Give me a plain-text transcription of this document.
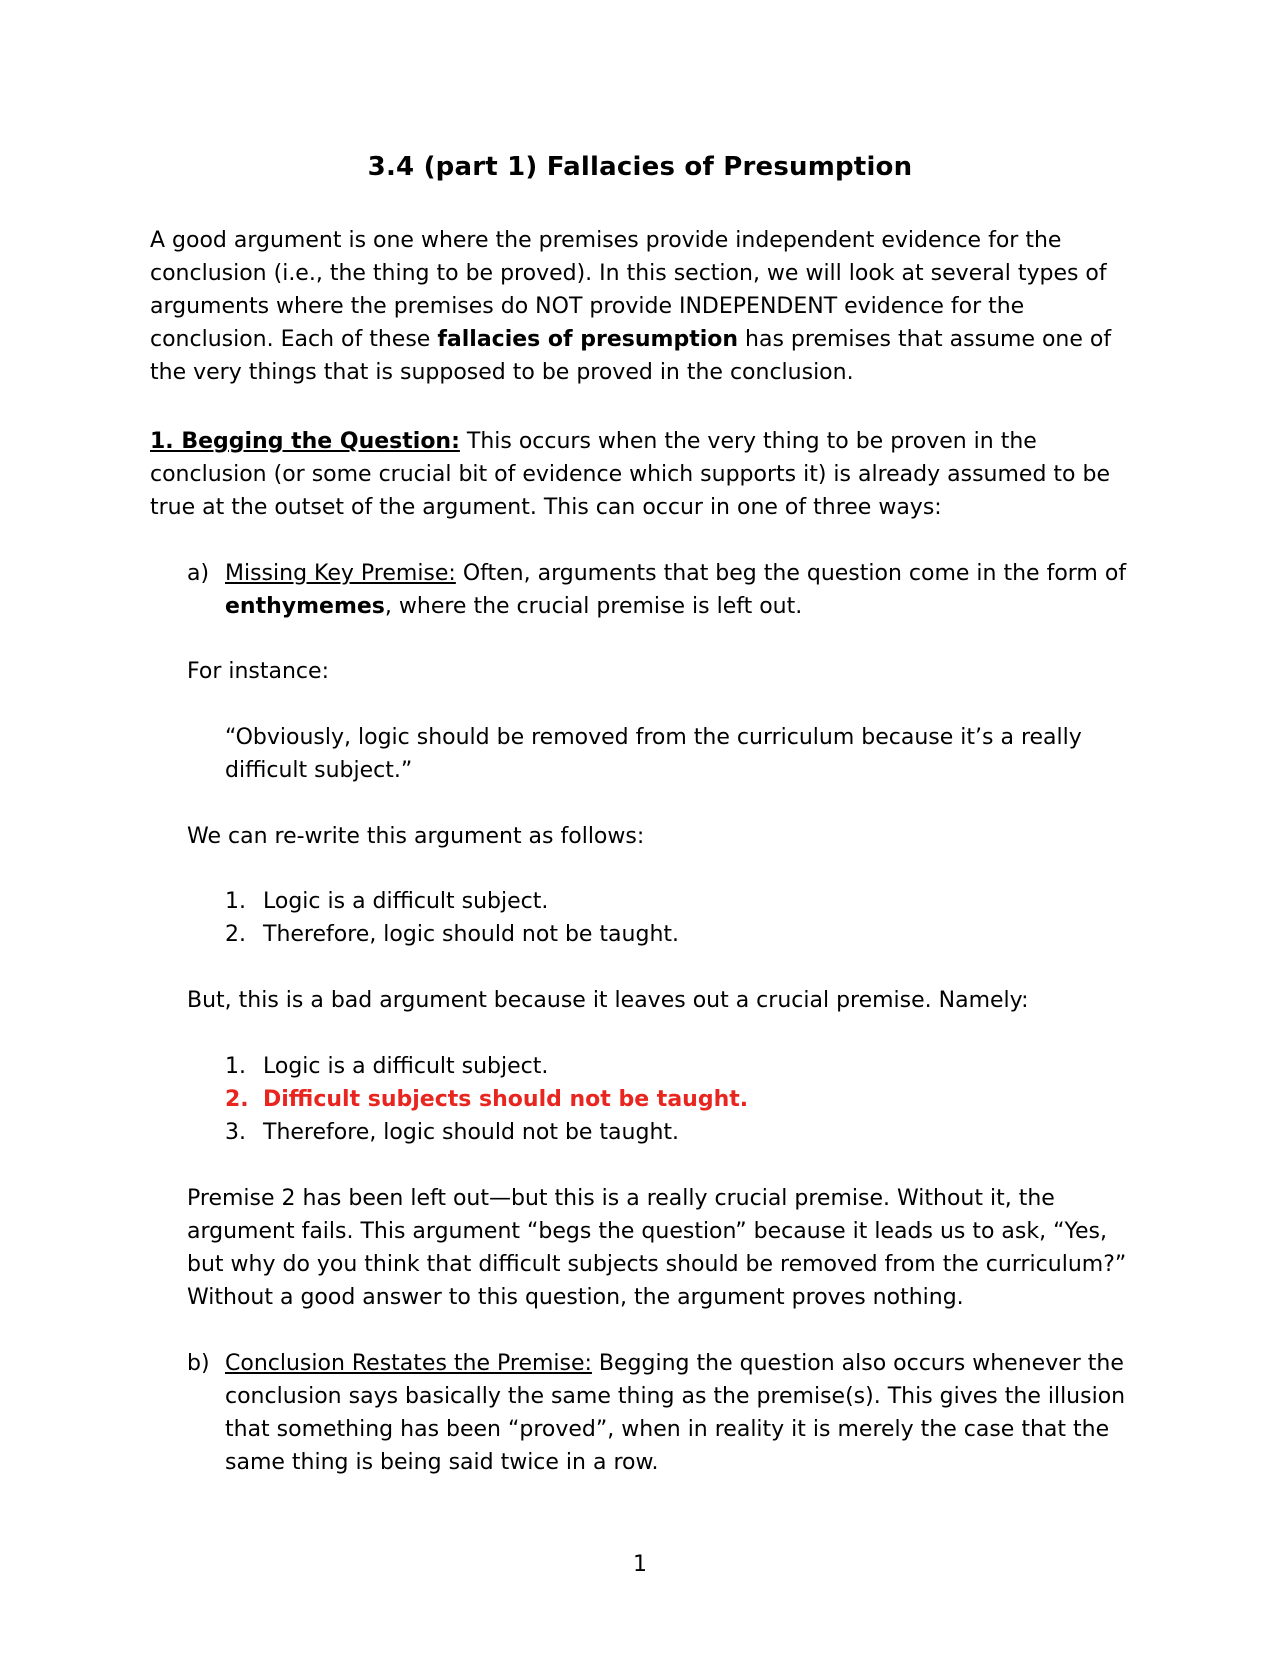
3.4 (part 1) Fallacies of Presumption

A good argument is one where the premises provide independent evidence for the conclusion (i.e., the thing to be proved). In this section, we will look at several types of arguments where the premises do NOT provide INDEPENDENT evidence for the conclusion. Each of these fallacies of presumption has premises that assume one of the very things that is supposed to be proved in the conclusion.

1. Begging the Question: This occurs when the very thing to be proven in the conclusion (or some crucial bit of evidence which supports it) is already assumed to be true at the outset of the argument. This can occur in one of three ways:

a) Missing Key Premise: Often, arguments that beg the question come in the form of enthymemes, where the crucial premise is left out.
For instance:
“Obviously, logic should be removed from the curriculum because it’s a really difficult subject.”
We can re-write this argument as follows:
1. Logic is a difficult subject.
2. Therefore, logic should not be taught.
But, this is a bad argument because it leaves out a crucial premise. Namely:
1. Logic is a difficult subject.
2. Difficult subjects should not be taught.
3. Therefore, logic should not be taught.
Premise 2 has been left out—but this is a really crucial premise. Without it, the argument fails. This argument “begs the question” because it leads us to ask, “Yes, but why do you think that difficult subjects should be removed from the curriculum?” Without a good answer to this question, the argument proves nothing.
b) Conclusion Restates the Premise: Begging the question also occurs whenever the conclusion says basically the same thing as the premise(s). This gives the illusion that something has been “proved”, when in reality it is merely the case that the same thing is being said twice in a row.
1
